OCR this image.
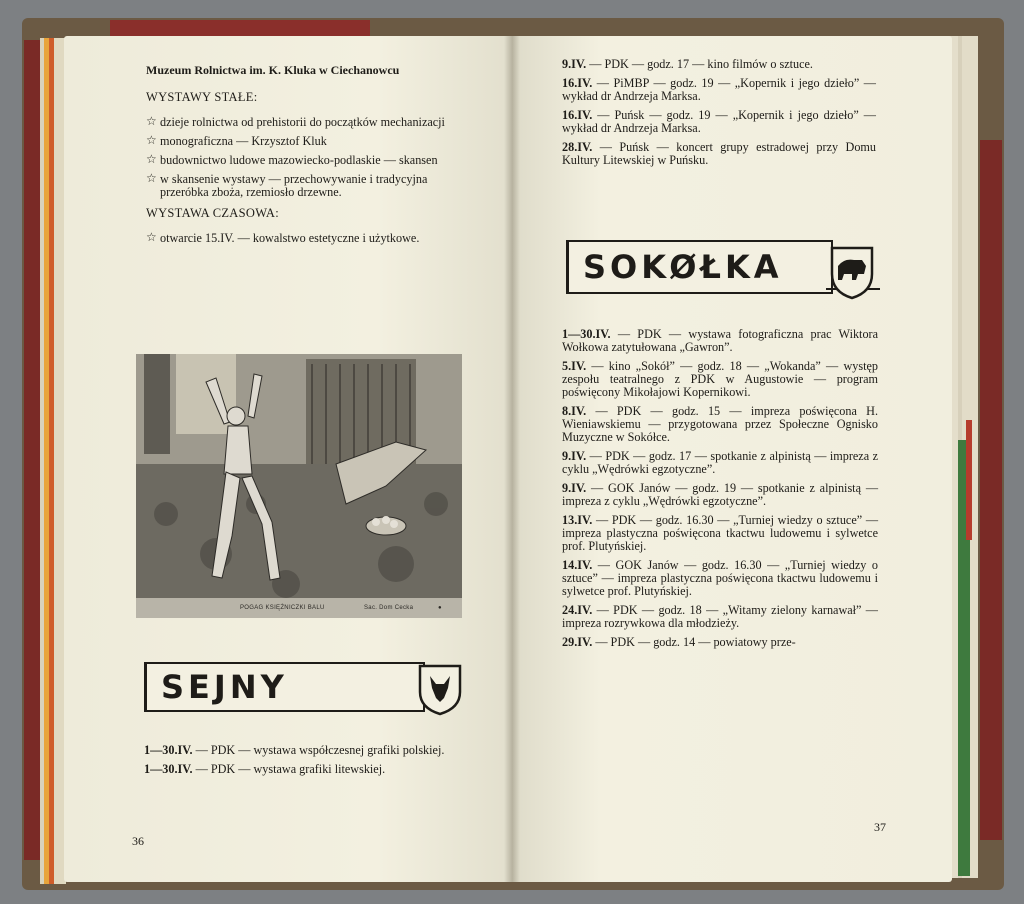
Muzeum Rolnictwa im. K. Kluka w Ciechanowcu

WYSTAWY STAŁE:

☆ dzieje rolnictwa od prehistorii do początków mechanizacji

☆ monograficzna — Krzysztof Kluk

☆ budownictwo ludowe mazowiecko-podlaskie — skansen

☆ w skansenie wystawy — przechowywanie i tradycyjna przeróbka zboża, rzemiosło drzewne.

WYSTAWA CZASOWA:

☆ otwarcie 15.IV. — kowalstwo estetyczne i użytkowe.

POGAG KSIĘŻNICZKI BALU	Sac. Dom Cecka	●
SEJNY

1—30.IV. — PDK — wystawa współczesnej grafiki polskiej.

1—30.IV. — PDK — wystawa grafiki litewskiej.

36

9.IV. — PDK — godz. 17 — kino filmów o sztuce.

16.IV. — PiMBP — godz. 19 — „Kopernik i jego dzieło” — wykład dr Andrzeja Marksa.

16.IV. — Puńsk — godz. 19 — „Kopernik i jego dzieło” — wykład dr Andrzeja Marksa.

28.IV. — Puńsk — koncert grupy estradowej przy Domu Kultury Litewskiej w Puńsku.

SOKØŁKA

1—30.IV. — PDK — wystawa fotograficzna prac Wiktora Wołkowa zatytułowana „Gawron”.

5.IV. — kino „Sokół” — godz. 18 — „Wokanda” — występ zespołu teatralnego z PDK w Augustowie — program poświęcony Mikołajowi Kopernikowi.

8.IV. — PDK — godz. 15 — impreza poświęcona H. Wieniawskiemu — przygotowana przez Społeczne Ognisko Muzyczne w Sokółce.

9.IV. — PDK — godz. 17 — spotkanie z alpinistą — impreza z cyklu „Wędrówki egzotyczne”.

9.IV. — GOK Janów — godz. 19 — spotkanie z alpinistą — impreza z cyklu „Wędrówki egzotyczne”.

13.IV. — PDK — godz. 16.30 — „Turniej wiedzy o sztuce” — impreza plastyczna poświęcona tkactwu ludowemu i sylwetce prof. Plutyńskiej.

14.IV. — GOK Janów — godz. 16.30 — „Turniej wiedzy o sztuce” — impreza plastyczna poświęcona tkactwu ludowemu i sylwetce prof. Plutyńskiej.

24.IV. — PDK — godz. 18 — „Witamy zielony karnawał” — impreza rozrywkowa dla młodzieży.

29.IV. — PDK — godz. 14 — powiatowy prze-

37
